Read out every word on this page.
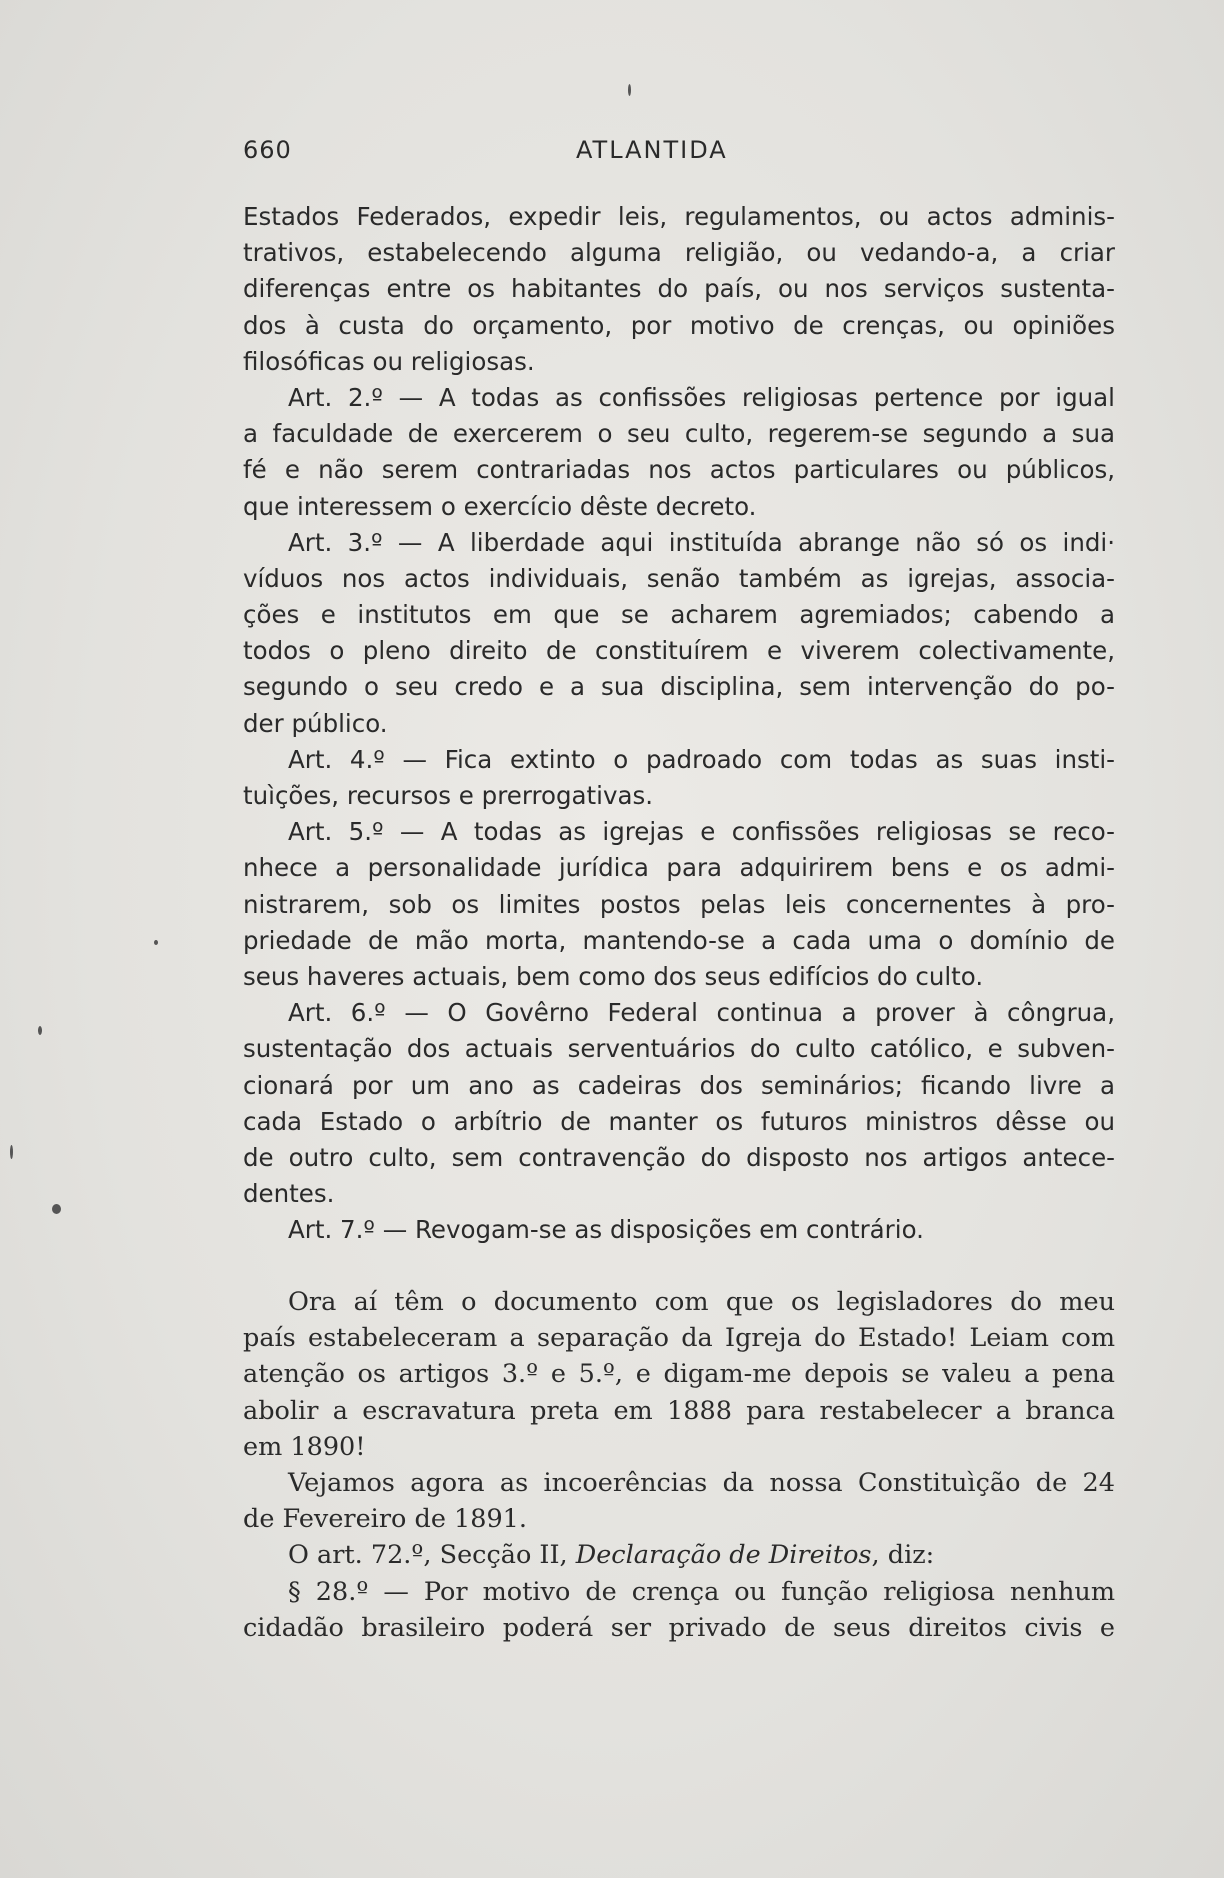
660	ATLANTIDA
Estados Federados, expedir leis, regulamentos, ou actos adminis-
trativos, estabelecendo alguma religião, ou vedando-a, a criar
diferenças entre os habitantes do país, ou nos serviços sustenta-
dos à custa do orçamento, por motivo de crenças, ou opiniões
filosóficas ou religiosas.
Art. 2.º — A todas as confissões religiosas pertence por igual
a faculdade de exercerem o seu culto, regerem-se segundo a sua
fé e não serem contrariadas nos actos particulares ou públicos,
que interessem o exercício dêste decreto.
Art. 3.º — A liberdade aqui instituída abrange não só os indi·
víduos nos actos individuais, senão também as igrejas, associa-
ções e institutos em que se acharem agremiados; cabendo a
todos o pleno direito de constituírem e viverem colectivamente,
segundo o seu credo e a sua disciplina, sem intervenção do po-
der público.
Art. 4.º — Fica extinto o padroado com todas as suas insti-
tuìções, recursos e prerrogativas.
Art. 5.º — A todas as igrejas e confissões religiosas se reco-
nhece a personalidade jurídica para adquirirem bens e os admi-
nistrarem, sob os limites postos pelas leis concernentes à pro-
priedade de mão morta, mantendo-se a cada uma o domínio de
seus haveres actuais, bem como dos seus edifícios do culto.
Art. 6.º — O Govêrno Federal continua a prover à côngrua,
sustentação dos actuais serventuários do culto católico, e subven-
cionará por um ano as cadeiras dos seminários; ficando livre a
cada Estado o arbítrio de manter os futuros ministros dêsse ou
de outro culto, sem contravenção do disposto nos artigos antece-
dentes.
Art. 7.º — Revogam-se as disposições em contrário.
Ora aí têm o documento com que os legisladores do meu
país estabeleceram a separação da Igreja do Estado! Leiam com
atenção os artigos 3.º e 5.º, e digam-me depois se valeu a pena
abolir a escravatura preta em 1888 para restabelecer a branca
em 1890!
Vejamos agora as incoerências da nossa Constituìção de 24
de Fevereiro de 1891.
O art. 72.º, Secção II, Declaração de Direitos, diz:
§ 28.º — Por motivo de crença ou função religiosa nenhum
cidadão brasileiro poderá ser privado de seus direitos civis e
